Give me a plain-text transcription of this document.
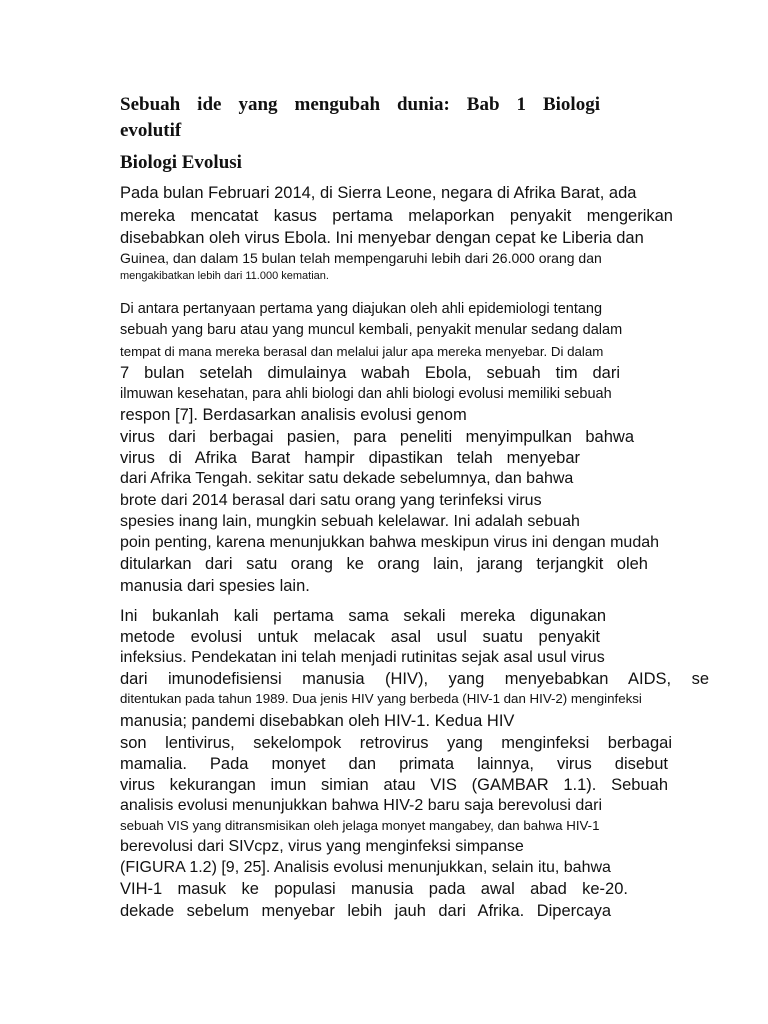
Sebuah ide yang mengubah dunia: Bab 1 Biologi
evolutif
Biologi Evolusi
Pada bulan Februari 2014, di Sierra Leone, negara di Afrika Barat, ada
mereka mencatat kasus pertama melaporkan penyakit mengerikan
disebabkan oleh virus Ebola. Ini menyebar dengan cepat ke Liberia dan
Guinea, dan dalam 15 bulan telah mempengaruhi lebih dari 26.000 orang dan
mengakibatkan lebih dari 11.000 kematian.
Di antara pertanyaan pertama yang diajukan oleh ahli epidemiologi tentang
sebuah yang baru atau yang muncul kembali, penyakit menular sedang dalam
tempat di mana mereka berasal dan melalui jalur apa mereka menyebar. Di dalam
7 bulan setelah dimulainya wabah Ebola, sebuah tim dari
ilmuwan kesehatan, para ahli biologi dan ahli biologi evolusi memiliki sebuah
respon [7]. Berdasarkan analisis evolusi genom
virus dari berbagai pasien, para peneliti menyimpulkan bahwa
virus di Afrika Barat hampir dipastikan telah menyebar
dari Afrika Tengah. sekitar satu dekade sebelumnya, dan bahwa
brote dari 2014 berasal dari satu orang yang terinfeksi virus
spesies inang lain, mungkin sebuah kelelawar. Ini adalah sebuah
poin penting, karena menunjukkan bahwa meskipun virus ini dengan mudah
ditularkan dari satu orang ke orang lain, jarang terjangkit oleh
manusia dari spesies lain.
Ini bukanlah kali pertama sama sekali mereka digunakan
metode evolusi untuk melacak asal usul suatu penyakit
infeksius. Pendekatan ini telah menjadi rutinitas sejak asal usul virus
dari imunodefisiensi manusia (HIV), yang menyebabkan AIDS, se
ditentukan pada tahun 1989. Dua jenis HIV yang berbeda (HIV-1 dan HIV-2) menginfeksi
manusia; pandemi disebabkan oleh HIV-1. Kedua HIV
son lentivirus, sekelompok retrovirus yang menginfeksi berbagai
mamalia. Pada monyet dan primata lainnya, virus disebut
virus kekurangan imun simian atau VIS (GAMBAR 1.1). Sebuah
analisis evolusi menunjukkan bahwa HIV-2 baru saja berevolusi dari
sebuah VIS yang ditransmisikan oleh jelaga monyet mangabey, dan bahwa HIV-1
berevolusi dari SIVcpz, virus yang menginfeksi simpanse
(FIGURA 1.2) [9, 25]. Analisis evolusi menunjukkan, selain itu, bahwa
VIH-1 masuk ke populasi manusia pada awal abad ke-20.
dekade sebelum menyebar lebih jauh dari Afrika. Dipercaya
